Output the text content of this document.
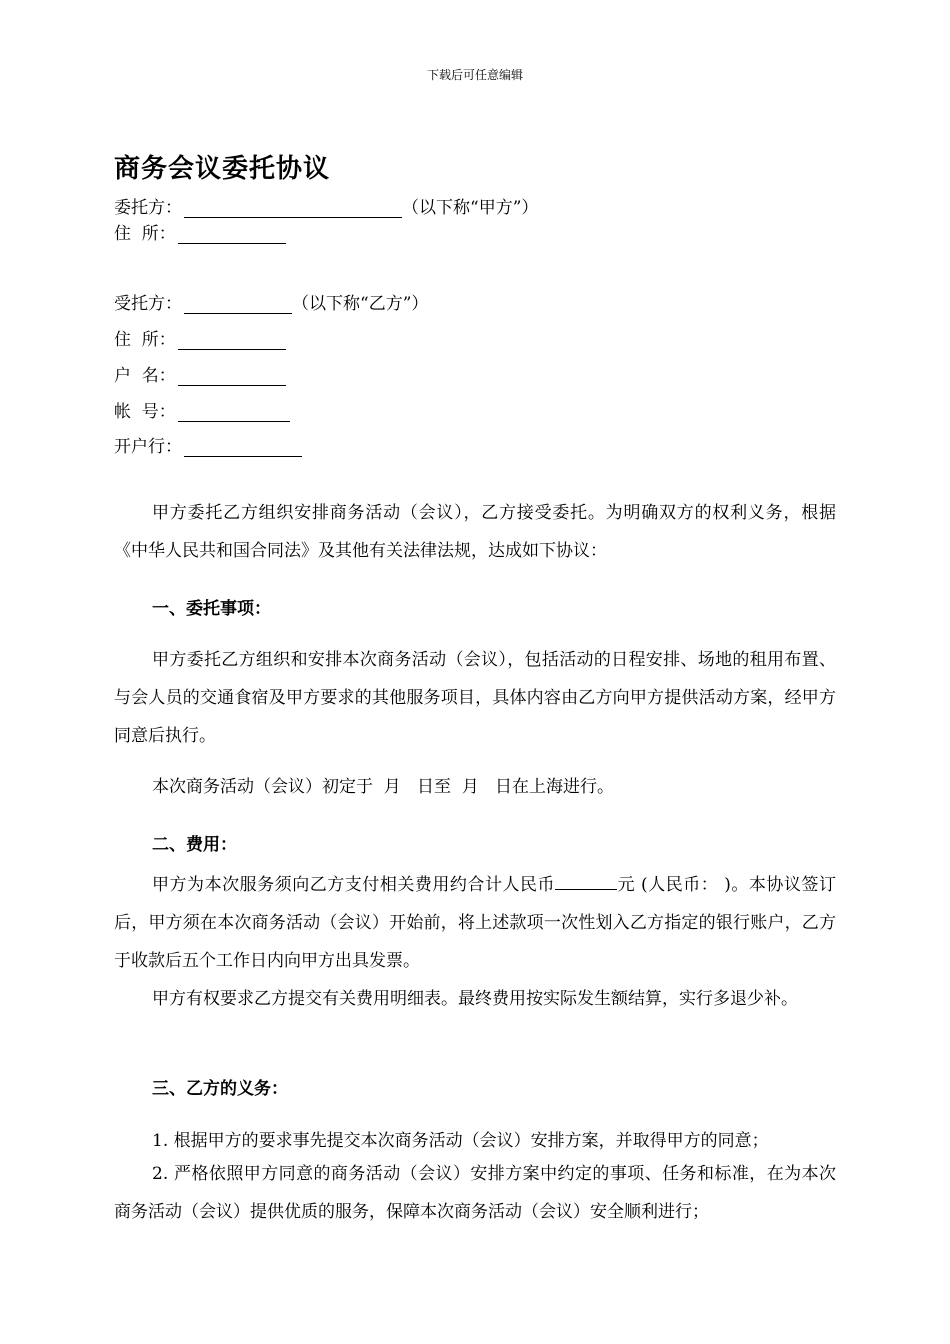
下载后可任意编辑
商务会议委托协议
委托方：	（以下称“甲方”）
住  所：
受托方：	（以下称“乙方”）
住  所：
户  名：
帐  号：
开户行：
甲方委托乙方组织安排商务活动（会议），乙方接受委托。为明确双方的权利义务，根据《中华人民共和国合同法》及其他有关法律法规，达成如下协议：
一、委托事项：
甲方委托乙方组织和安排本次商务活动（会议），包括活动的日程安排、场地的租用布置、与会人员的交通食宿及甲方要求的其他服务项目，具体内容由乙方向甲方提供活动方案，经甲方同意后执行。
本次商务活动（会议）初定于  月   日至  月   日在上海进行。
二、费用：
甲方为本次服务须向乙方支付相关费用约合计人民币	元 (人民币： )。本协议签订后，甲方须在本次商务活动（会议）开始前，将上述款项一次性划入乙方指定的银行账户，乙方于收款后五个工作日内向甲方出具发票。
甲方有权要求乙方提交有关费用明细表。最终费用按实际发生额结算，实行多退少补。
三、乙方的义务：
1. 根据甲方的要求事先提交本次商务活动（会议）安排方案，并取得甲方的同意；
2. 严格依照甲方同意的商务活动（会议）安排方案中约定的事项、任务和标准，在为本次商务活动（会议）提供优质的服务，保障本次商务活动（会议）安全顺利进行；
